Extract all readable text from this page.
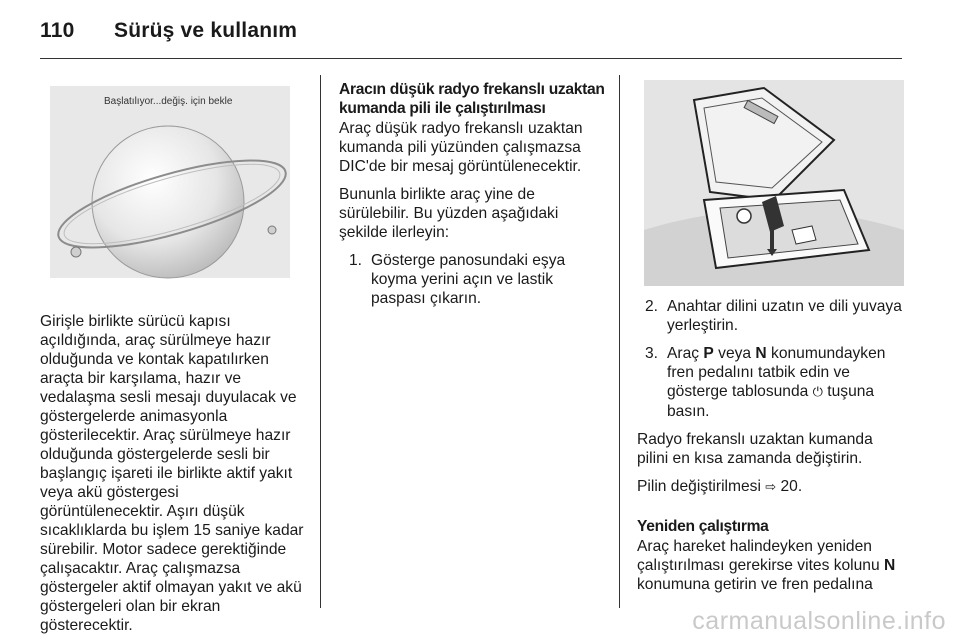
110 Sürüş ve kullanım
Başlatılıyor...değiş. için bekle

Girişle birlikte sürücü kapısı açıldığında, araç sürülmeye hazır olduğunda ve kontak kapatılırken araçta bir karşılama, hazır ve vedalaşma sesli mesajı duyulacak ve göstergelerde animasyonla gösterilecektir. Araç sürülmeye hazır olduğunda göstergelerde sesli bir başlangıç işareti ile birlikte aktif yakıt veya akü göstergesi görüntülenecektir. Aşırı düşük sıcaklıklarda bu işlem 15 saniye kadar sürebilir. Motor sadece gerektiğinde çalışacaktır. Araç çalışmazsa göstergeler aktif olmayan yakıt ve akü göstergeleri olan bir ekran gösterecektir.

Aracın düşük radyo frekanslı uzaktan kumanda pili ile çalıştırılması

Araç düşük radyo frekanslı uzaktan kumanda pili yüzünden çalışmazsa DIC'de bir mesaj görüntülenecektir.

Bununla birlikte araç yine de sürülebilir. Bu yüzden aşağıdaki şekilde ilerleyin:

1. Gösterge panosundaki eşya koyma yerini açın ve lastik paspası çıkarın.	2. Anahtar dilini uzatın ve dili yuvaya yerleştirin.
3. Araç P veya N konumundayken fren pedalını tatbik edin ve gösterge tablosunda ⏻ tuşuna basın.

Radyo frekanslı uzaktan kumanda pilini en kısa zamanda değiştirin.

Pilin değiştirilmesi ⇨ 20.

Yeniden çalıştırma

Araç hareket halindeyken yeniden çalıştırılması gerekirse vites kolunu N konumuna getirin ve fren pedalına

carmanualsonline.info
